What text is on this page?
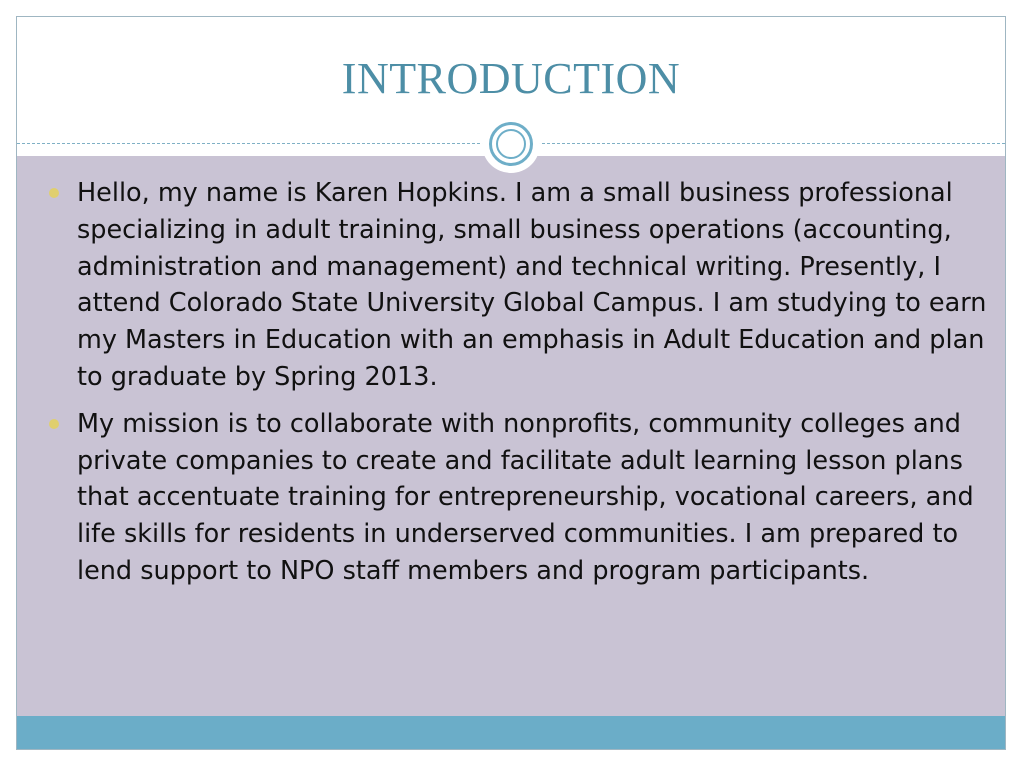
INTRODUCTION
Hello, my name is Karen Hopkins. I am a small business professional specializing in adult training, small business operations (accounting, administration and management) and technical writing. Presently, I attend Colorado State University Global Campus. I am studying to earn my Masters in Education with an emphasis in Adult Education and plan to graduate by Spring 2013.
My mission is to collaborate with nonprofits, community colleges and private companies to create and facilitate adult learning lesson plans that accentuate training for entrepreneurship, vocational careers, and life skills for residents in underserved communities. I am prepared to lend support to NPO staff members and program participants.
